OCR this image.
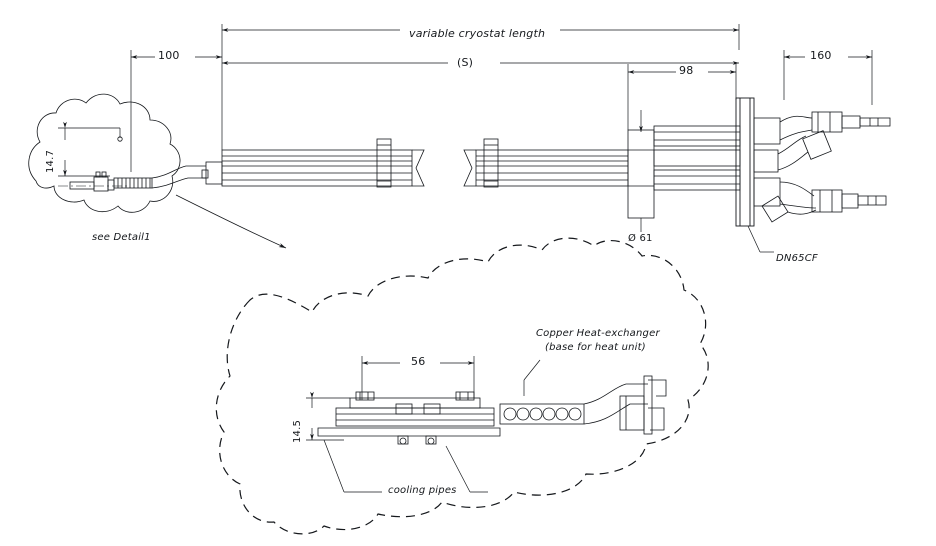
variable cryostat length
(S)
100
98
160
14.7
Ø 61
see Detail1
DN65CF
Copper Heat-exchanger
(base for heat unit)
56
14.5
cooling pipes
